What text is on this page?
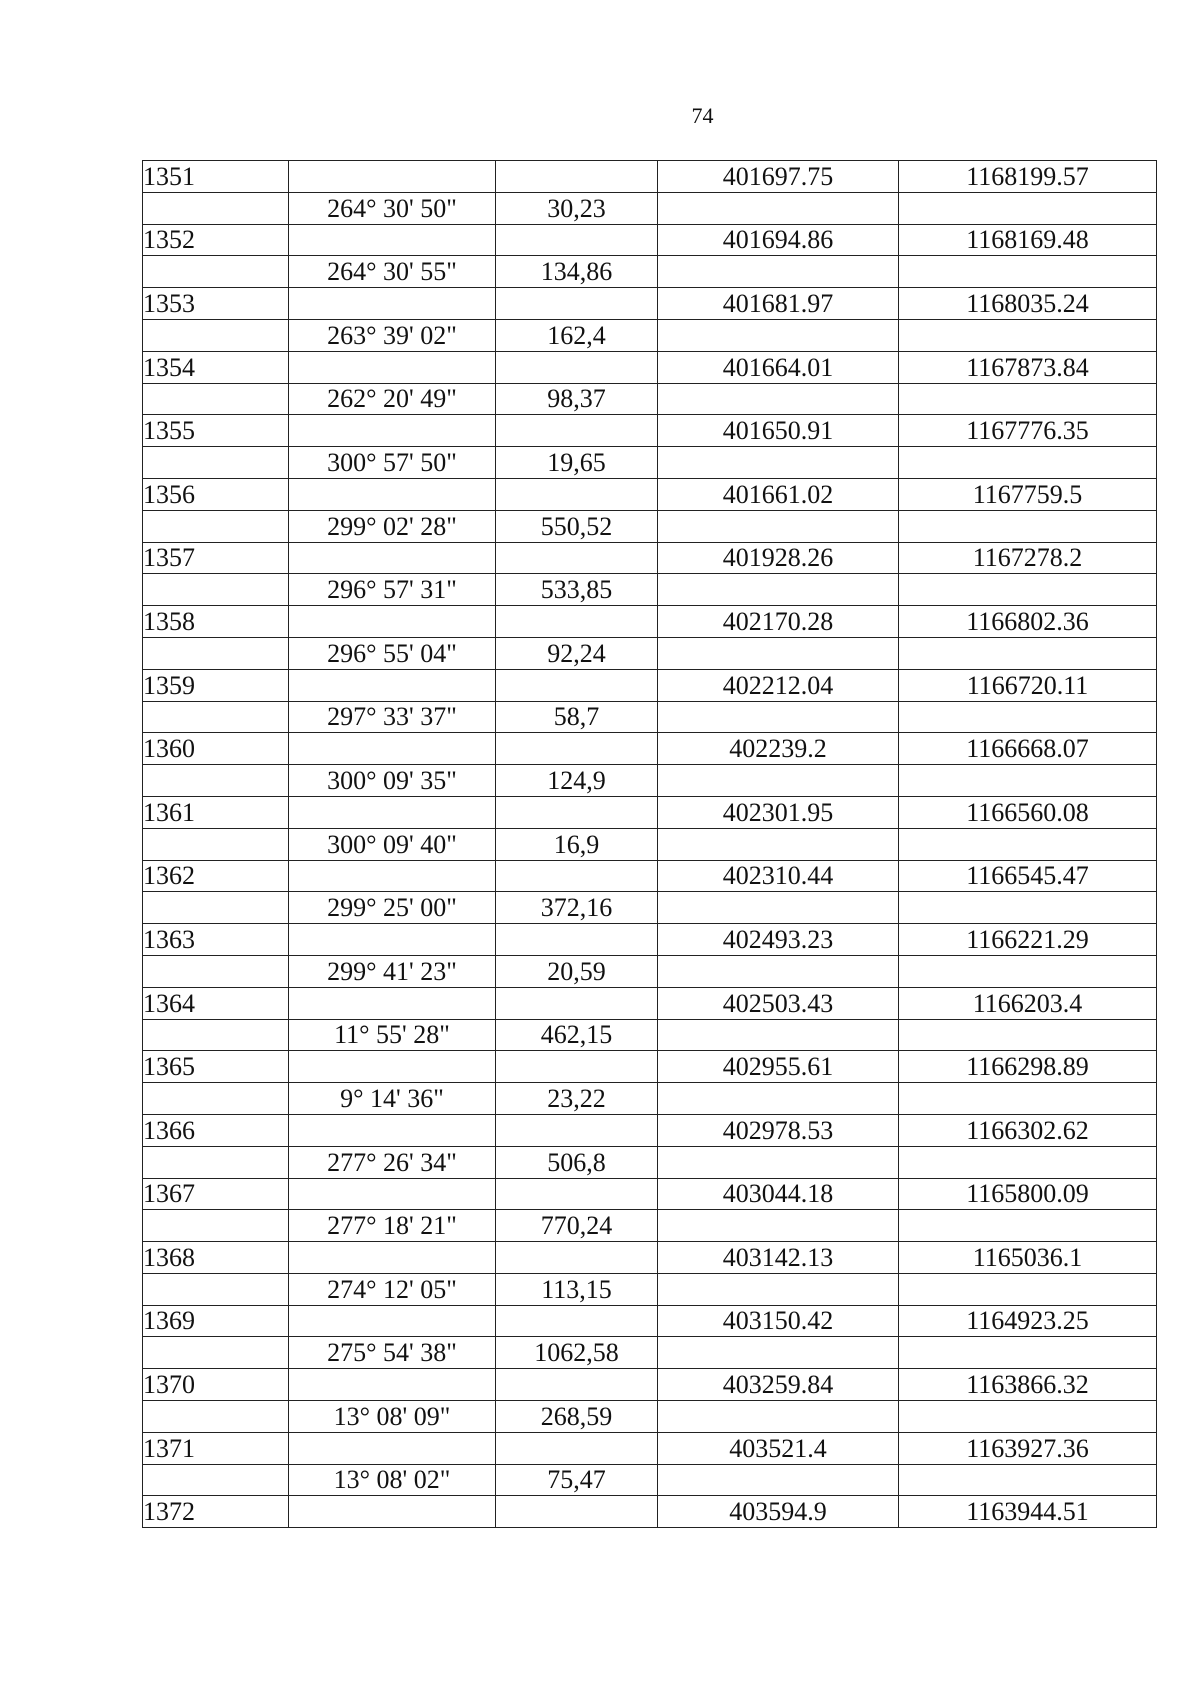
74
1351			401697.75	1168199.57
	264° 30' 50"	30,23		
1352			401694.86	1168169.48
	264° 30' 55"	134,86		
1353			401681.97	1168035.24
	263° 39' 02"	162,4		
1354			401664.01	1167873.84
	262° 20' 49"	98,37		
1355			401650.91	1167776.35
	300° 57' 50"	19,65		
1356			401661.02	1167759.5
	299° 02' 28"	550,52		
1357			401928.26	1167278.2
	296° 57' 31"	533,85		
1358			402170.28	1166802.36
	296° 55' 04"	92,24		
1359			402212.04	1166720.11
	297° 33' 37"	58,7		
1360			402239.2	1166668.07
	300° 09' 35"	124,9		
1361			402301.95	1166560.08
	300° 09' 40"	16,9		
1362			402310.44	1166545.47
	299° 25' 00"	372,16		
1363			402493.23	1166221.29
	299° 41' 23"	20,59		
1364			402503.43	1166203.4
	11° 55' 28"	462,15		
1365			402955.61	1166298.89
	9° 14' 36"	23,22		
1366			402978.53	1166302.62
	277° 26' 34"	506,8		
1367			403044.18	1165800.09
	277° 18' 21"	770,24		
1368			403142.13	1165036.1
	274° 12' 05"	113,15		
1369			403150.42	1164923.25
	275° 54' 38"	1062,58		
1370			403259.84	1163866.32
	13° 08' 09"	268,59		
1371			403521.4	1163927.36
	13° 08' 02"	75,47		
1372			403594.9	1163944.51
